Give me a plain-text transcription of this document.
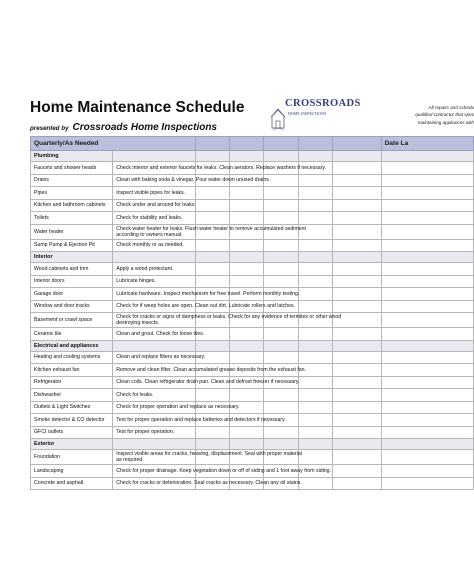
Home Maintenance Schedule
presented by Crossroads Home Inspections
CROSSROADS
HOME INSPECTIONS
All repairs and schedu
qualified contractor that spec
maintaining appliances with
Quarterly/As Needed							Date La
Plumbing							
Faucets and shower heads	Check interior and exterior faucets for leaks. Clean aerators. Replace washers if necessary.						

Drains	Clean with baking soda & vinegar. Pour water down unused drains.						

Pipes	Inspect visible pipes for leaks.						

Kitchen and bathroom cabinets	Check under and around for leaks.						

Toilets	Check for stability and leaks.						

Water heater	Check water heater for leaks. Flush water heater to remove accumulated sediment
according to owners manual.						

Sump Pump & Ejection Pit	Check monthly or as needed.						

Interior							
Wood cabinets and trim	Apply a wood protectant.						

Interior doors	Lubricate hinges.						

Garage door	Lubricate hardware. Inspect mechanism for free travel. Perform monthly testing.						

Window and door tracks	Check for if weep holes are open. Clean out dirt. Lubricate rollers and latches.						

Basement or crawl space	Check for cracks or signs of dampness or leaks. Check for any evidence of termites or other wood
destroying insects.						

Ceramic tile	Clean and grout. Check for loose tiles.						

Electrical and appliances							
Heating and cooling systems	Clean and replace filters as necessary.						

Kitchen exhaust fan	Remove and clean filter. Clean accumulated grease deposits from the exhaust fan.						

Refrigerator	Clean coils. Clean refrigerator drain pan. Clean and defrost freezer if necessary.						

Dishwasher	Check for leaks.						

Outlets & Light Switches	Check for proper operation and replace as necessary.						

Smoke detector & CO detector	Test for proper operation and replace batteries and detectors if necessary.						

GFCI outlets	Test for proper operation.						

Exterior							
Foundation	Inspect visible areas for cracks, heaving, displacement. Seal with proper material
as required.						

Landscaping	Check for proper drainage. Keep vegetation down or off of siding and 1 foot away from siding.						

Concrete and asphalt	Check for cracks or deterioration. Seal cracks as necessary. Clean any oil stains.						
